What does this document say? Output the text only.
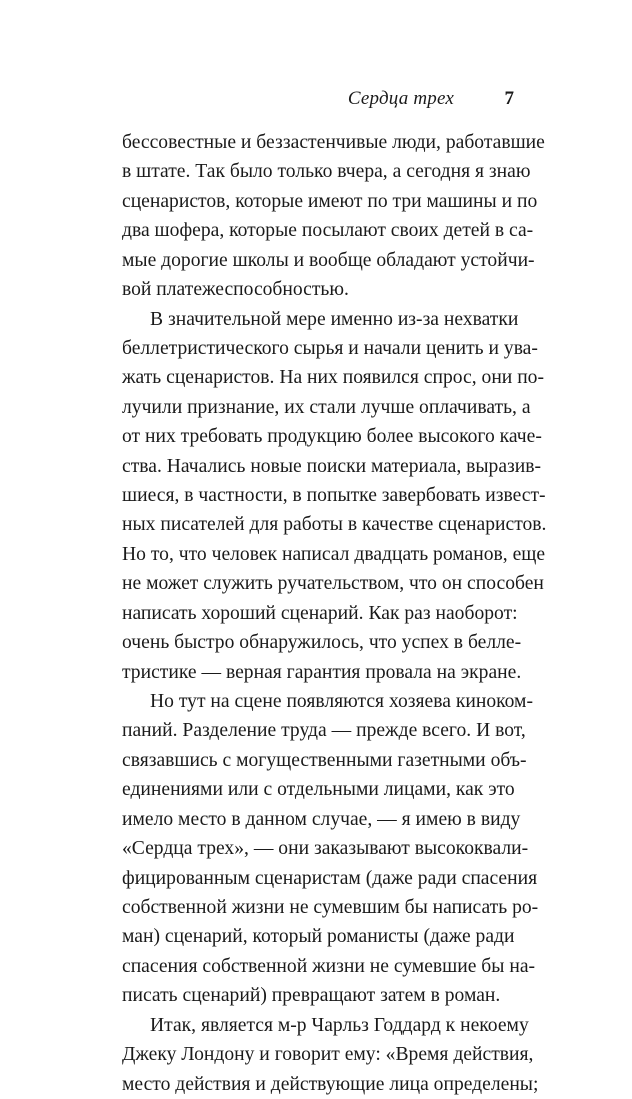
Сердца трех	7
бессовестные и беззастенчивые люди, работавшие
в штате. Так было только вчера, а сегодня я знаю
сценаристов, которые имеют по три машины и по
два шофера, которые посылают своих детей в са-
мые дорогие школы и вообще обладают устойчи-
вой платежеспособностью.
В значительной мере именно из-за нехватки
беллетристического сырья и начали ценить и ува-
жать сценаристов. На них появился спрос, они по-
лучили признание, их стали лучше оплачивать, а
от них требовать продукцию более высокого каче-
ства. Начались новые поиски материала, выразив-
шиеся, в частности, в попытке завербовать извест-
ных писателей для работы в качестве сценаристов.
Но то, что человек написал двадцать романов, еще
не может служить ручательством, что он способен
написать хороший сценарий. Как раз наоборот:
очень быстро обнаружилось, что успех в белле-
тристике — верная гарантия провала на экране.
Но тут на сцене появляются хозяева киноком-
паний. Разделение труда — прежде всего. И вот,
связавшись с могущественными газетными объ-
единениями или с отдельными лицами, как это
имело место в данном случае, — я имею в виду
«Сердца трех», — они заказывают высококвали-
фицированным сценаристам (даже ради спасения
собственной жизни не сумевшим бы написать ро-
ман) сценарий, который романисты (даже ради
спасения собственной жизни не сумевшие бы на-
писать сценарий) превращают затем в роман.
Итак, является м-р Чарльз Годдард к некоему
Джеку Лондону и говорит ему: «Время действия,
место действия и действующие лица определены;
